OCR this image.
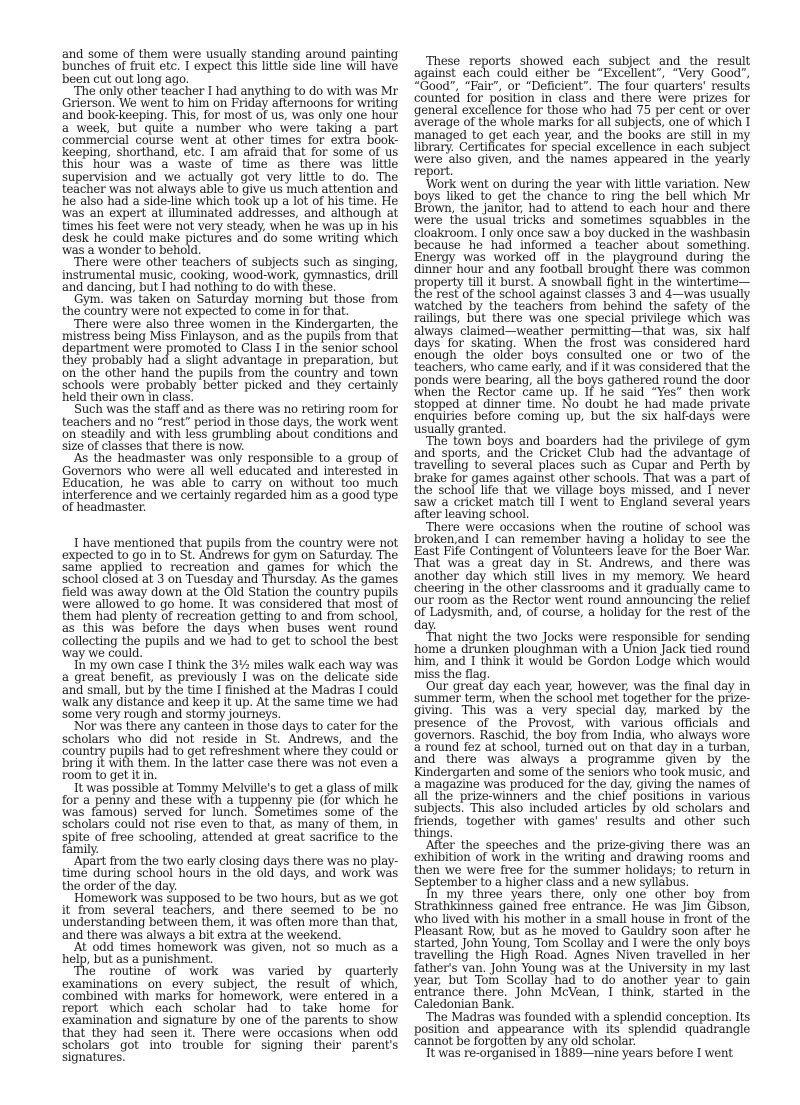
and some of them were usually standing around painting bunches of fruit etc. I expect this little side line will have been cut out long ago.

The only other teacher I had anything to do with was Mr Grierson. We went to him on Friday afternoons for writing and book-keeping. This, for most of us, was only one hour a week, but quite a number who were taking a part commercial course went at other times for extra book-keeping, shorthand, etc. I am afraid that for some of us this hour was a waste of time as there was little supervision and we actually got very little to do. The teacher was not always able to give us much attention and he also had a side-line which took up a lot of his time. He was an expert at illuminated addresses, and although at times his feet were not very steady, when he was up in his desk he could make pictures and do some writing which was a wonder to behold.

There were other teachers of subjects such as singing, instrumental music, cooking, wood-work, gymnastics, drill and dancing, but I had nothing to do with these.

Gym. was taken on Saturday morning but those from the country were not expected to come in for that.

There were also three women in the Kindergarten, the mistress being Miss Finlayson, and as the pupils from that department were promoted to Class I in the senior school they probably had a slight advantage in preparation, but on the other hand the pupils from the country and town schools were probably better picked and they certainly held their own in class.

Such was the staff and as there was no retiring room for teachers and no “rest” period in those days, the work went on steadily and with less grumbling about conditions and size of classes that there is now.

As the headmaster was only responsible to a group of Governors who were all well educated and interested in Education, he was able to carry on without too much interference and we certainly regarded him as a good type of headmaster.

I have mentioned that pupils from the country were not expected to go in to St. Andrews for gym on Saturday. The same applied to recreation and games for which the school closed at 3 on Tuesday and Thursday. As the games field was away down at the Old Station the country pupils were allowed to go home. It was considered that most of them had plenty of recreation getting to and from school, as this was before the days when buses went round collecting the pupils and we had to get to school the best way we could.

In my own case I think the 3½ miles walk each way was a great benefit, as previously I was on the delicate side and small, but by the time I finished at the Madras I could walk any distance and keep it up. At the same time we had some very rough and stormy journeys.

Nor was there any canteen in those days to cater for the scholars who did not reside in St. Andrews, and the country pupils had to get refreshment where they could or bring it with them. In the latter case there was not even a room to get it in.

It was possible at Tommy Melville's to get a glass of milk for a penny and these with a tuppenny pie (for which he was famous) served for lunch. Sometimes some of the scholars could not rise even to that, as many of them, in spite of free schooling, attended at great sacrifice to the family.

Apart from the two early closing days there was no play-time during school hours in the old days, and work was the order of the day.

Homework was supposed to be two hours, but as we got it from several teachers, and there seemed to be no understanding between them, it was often more than that, and there was always a bit extra at the weekend.

At odd times homework was given, not so much as a help, but as a punishment.

The routine of work was varied by quarterly examinations on every subject, the result of which, combined with marks for homework, were entered in a report which each scholar had to take home for examination and signature by one of the parents to show that they had seen it. There were occasions when odd scholars got into trouble for signing their parent's signatures.

These reports showed each subject and the result against each could either be “Excellent”, “Very Good”, “Good”, “Fair”, or “Deficient”. The four quarters' results counted for position in class and there were prizes for general excellence for those who had 75 per cent or over average of the whole marks for all subjects, one of which I managed to get each year, and the books are still in my library. Certificates for special excellence in each subject were also given, and the names appeared in the yearly report.

Work went on during the year with little variation. New boys liked to get the chance to ring the bell which Mr Brown, the janitor, had to attend to each hour and there were the usual tricks and sometimes squabbles in the cloakroom. I only once saw a boy ducked in the washbasin because he had informed a teacher about something. Energy was worked off in the playground during the dinner hour and any football brought there was common property till it burst. A snowball fight in the wintertime—the rest of the school against classes 3 and 4—was usually watched by the teachers from behind the safety of the railings, but there was one special privilege which was always claimed—weather permitting—that was, six half days for skating. When the frost was considered hard enough the older boys consulted one or two of the teachers, who came early, and if it was considered that the ponds were bearing, all the boys gathered round the door when the Rector came up. If he said “Yes” then work stopped at dinner time. No doubt he had made private enquiries before coming up, but the six half-days were usually granted.

The town boys and boarders had the privilege of gym and sports, and the Cricket Club had the advantage of travelling to several places such as Cupar and Perth by brake for games against other schools. That was a part of the school life that we village boys missed, and I never saw a cricket match till I went to England several years after leaving school.

There were occasions when the routine of school was broken,and I can remember having a holiday to see the East Fife Contingent of Volunteers leave for the Boer War. That was a great day in St. Andrews, and there was another day which still lives in my memory. We heard cheering in the other classrooms and it gradually came to our room as the Rector went round announcing the relief of Ladysmith, and, of course, a holiday for the rest of the day.

That night the two Jocks were responsible for sending home a drunken ploughman with a Union Jack tied round him, and I think it would be Gordon Lodge which would miss the flag.

Our great day each year, however, was the final day in summer term, when the school met together for the prize-giving. This was a very special day, marked by the presence of the Provost, with various officials and governors. Raschid, the boy from India, who always wore a round fez at school, turned out on that day in a turban, and there was always a programme given by the Kindergarten and some of the seniors who took music, and a magazine was produced for the day, giving the names of all the prize-winners and the chief positions in various subjects. This also included articles by old scholars and friends, together with games' results and other such things.

After the speeches and the prize-giving there was an exhibition of work in the writing and drawing rooms and then we were free for the summer holidays; to return in September to a higher class and a new syllabus.

In my three years there, only one other boy from Strathkinness gained free entrance. He was Jim Gibson, who lived with his mother in a small house in front of the Pleasant Row, but as he moved to Gauldry soon after he started, John Young, Tom Scollay and I were the only boys travelling the High Road. Agnes Niven travelled in her father's van. John Young was at the University in my last year, but Tom Scollay had to do another year to gain entrance there. John McVean, I think, started in the Caledonian Bank.

The Madras was founded with a splendid conception. Its position and appearance with its splendid quadrangle cannot be forgotten by any old scholar.

It was re-organised in 1889—nine years before I went
